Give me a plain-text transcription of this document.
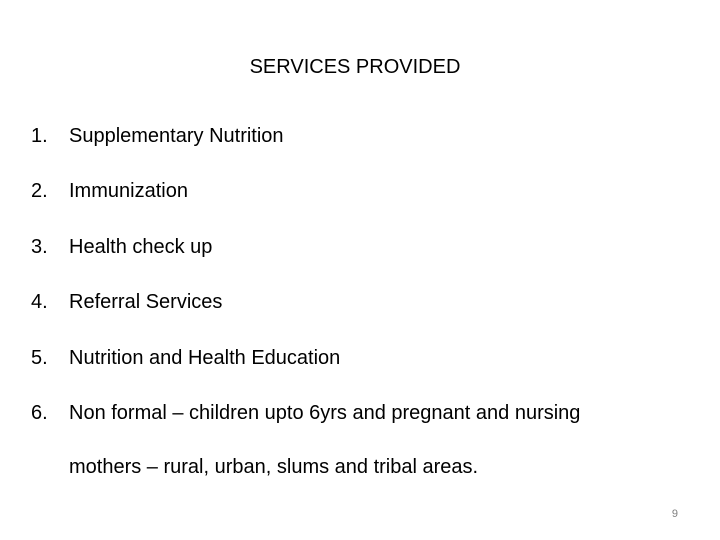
SERVICES PROVIDED
1. Supplementary Nutrition
2. Immunization
3. Health check up
4. Referral Services
5. Nutrition and Health Education
6. Non formal – children upto 6yrs and pregnant and nursing
mothers – rural, urban, slums and tribal areas.
9
